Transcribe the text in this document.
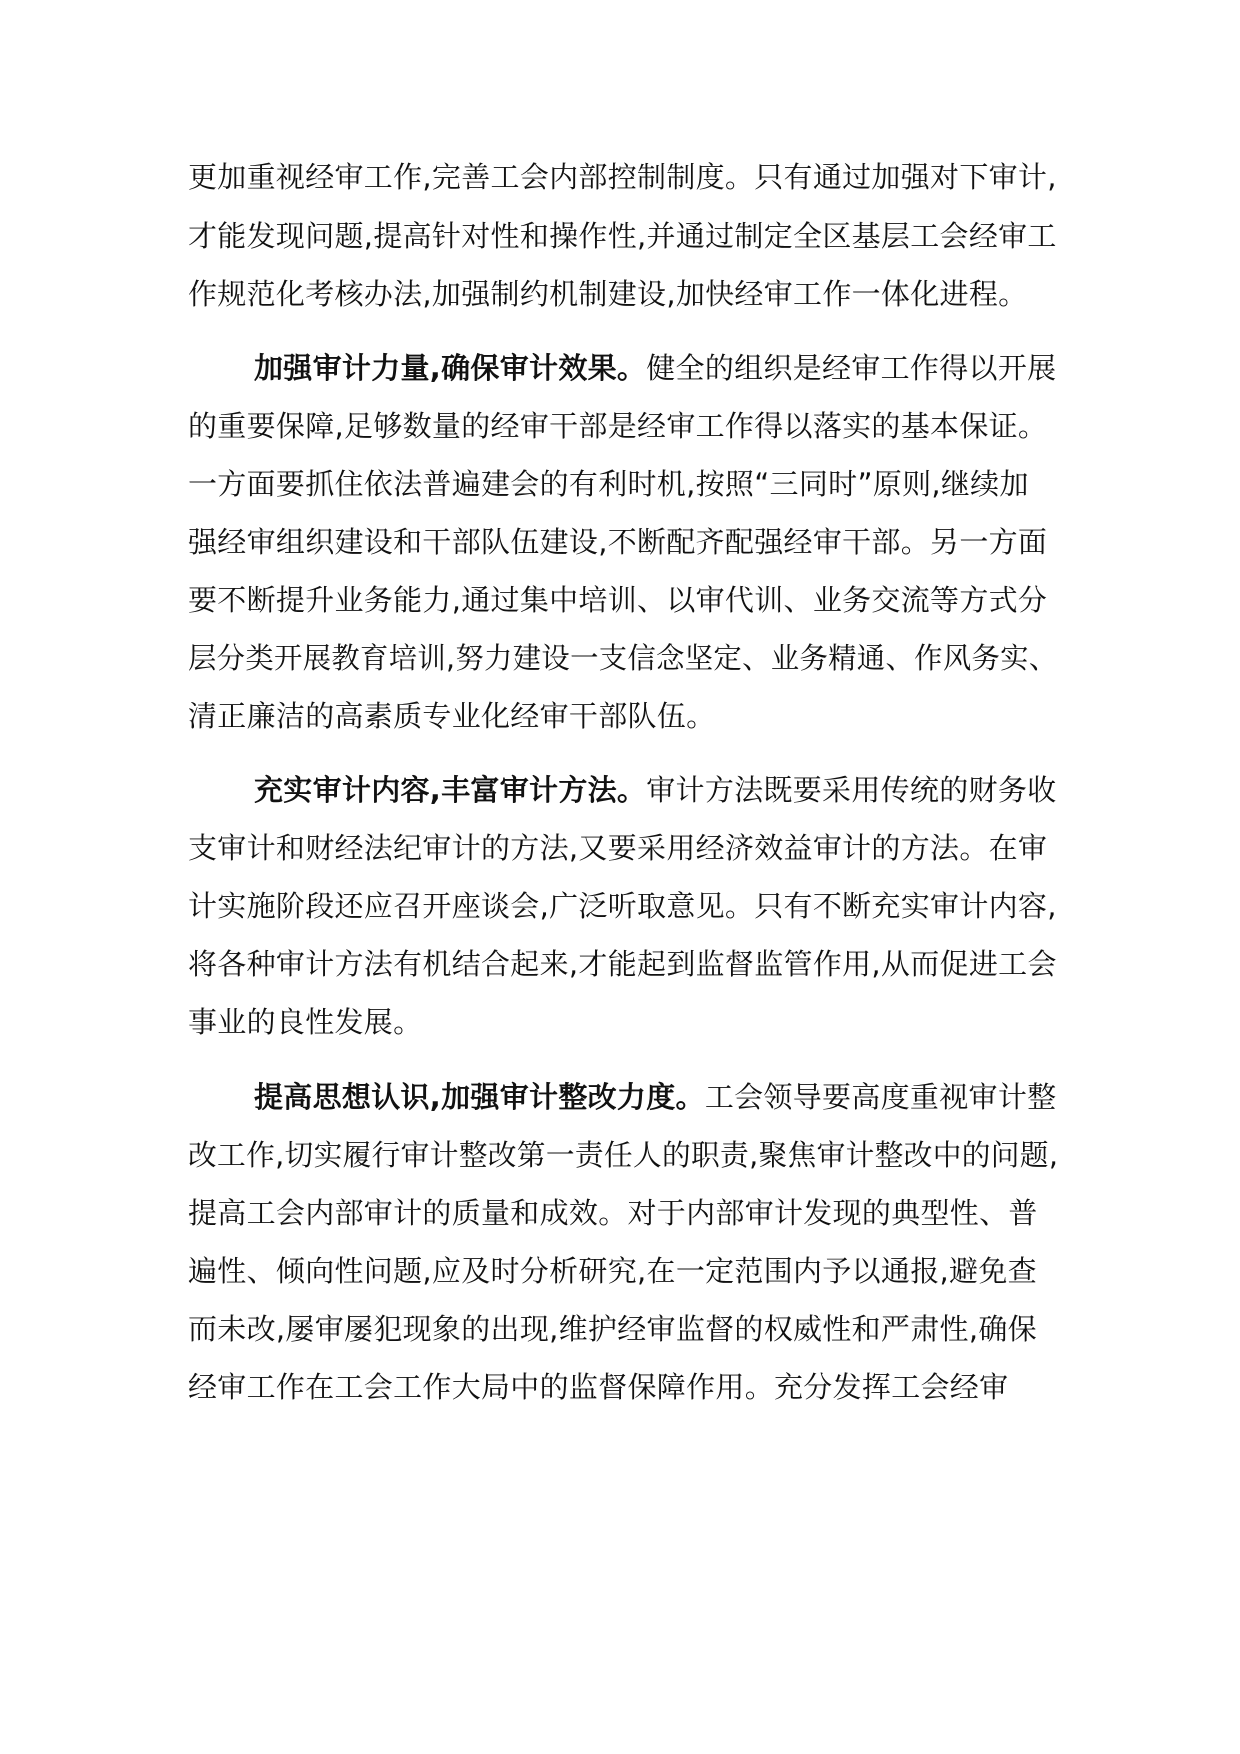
更加重视经审工作,完善工会内部控制制度。只有通过加强对下审计,
才能发现问题,提高针对性和操作性,并通过制定全区基层工会经审工
作规范化考核办法,加强制约机制建设,加快经审工作一体化进程。
加强审计力量,确保审计效果。健全的组织是经审工作得以开展
的重要保障,足够数量的经审干部是经审工作得以落实的基本保证。
一方面要抓住依法普遍建会的有利时机,按照“三同时”原则,继续加
强经审组织建设和干部队伍建设,不断配齐配强经审干部。另一方面
要不断提升业务能力,通过集中培训、以审代训、业务交流等方式分
层分类开展教育培训,努力建设一支信念坚定、业务精通、作风务实、
清正廉洁的高素质专业化经审干部队伍。
充实审计内容,丰富审计方法。审计方法既要采用传统的财务收
支审计和财经法纪审计的方法,又要采用经济效益审计的方法。在审
计实施阶段还应召开座谈会,广泛听取意见。只有不断充实审计内容,
将各种审计方法有机结合起来,才能起到监督监管作用,从而促进工会
事业的良性发展。
提高思想认识,加强审计整改力度。工会领导要高度重视审计整
改工作,切实履行审计整改第一责任人的职责,聚焦审计整改中的问题,
提高工会内部审计的质量和成效。对于内部审计发现的典型性、普
遍性、倾向性问题,应及时分析研究,在一定范围内予以通报,避免查
而未改,屡审屡犯现象的出现,维护经审监督的权威性和严肃性,确保
经审工作在工会工作大局中的监督保障作用。充分发挥工会经审
